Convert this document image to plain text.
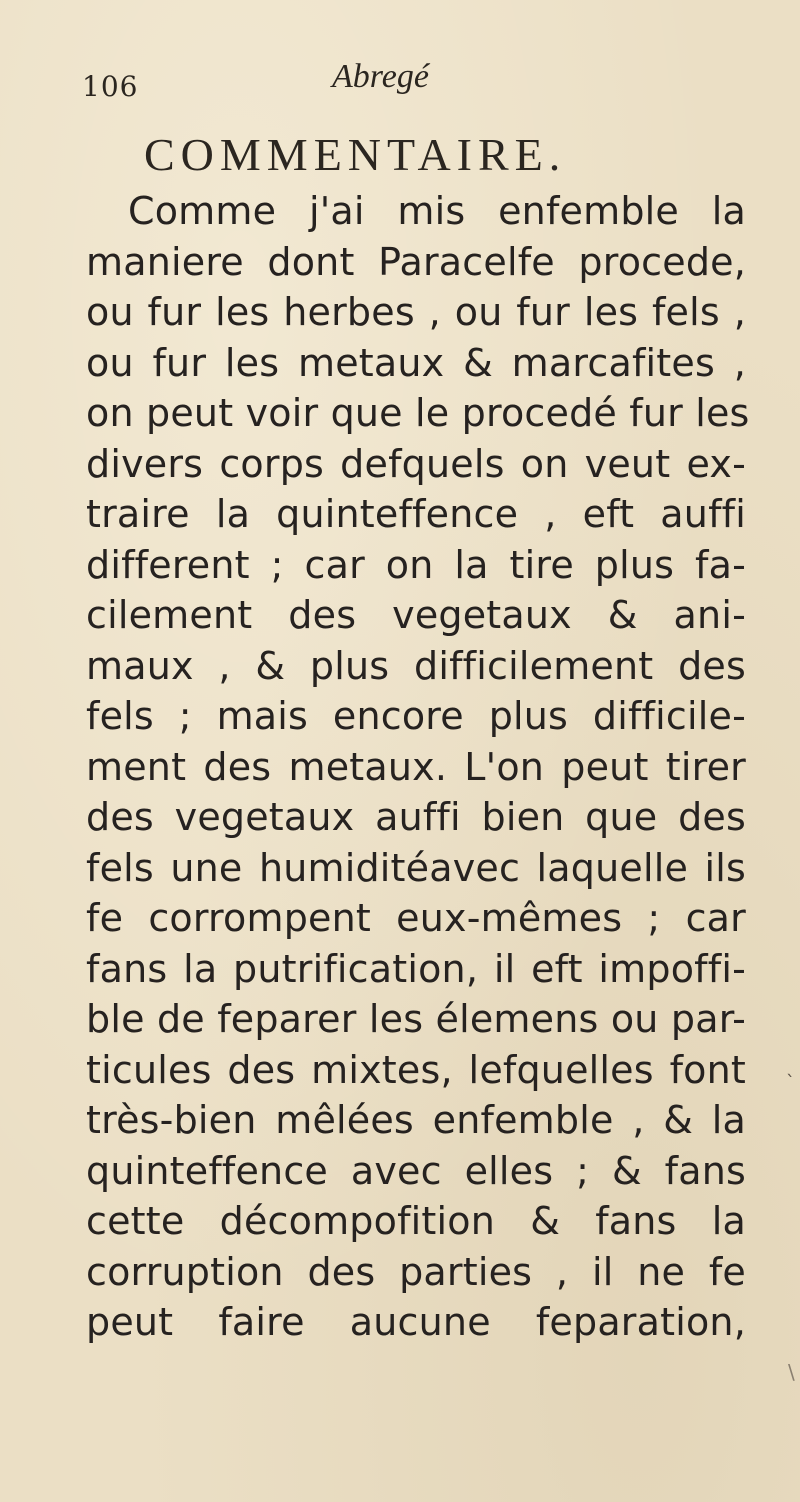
106	Abregé
COMMENTAIRE.
Comme j'ai mis enfemble la
maniere dont Paracelfe procede,
ou fur les herbes , ou fur les fels ,
ou fur les metaux & marcafites ,
on peut voir que le procedé fur les
divers corps defquels on veut ex-
traire la quinteffence , eft auffi
different ; car on la tire plus fa-
cilement des vegetaux & ani-
maux , & plus difficilement des
fels ; mais encore plus difficile-
ment des metaux. L'on peut tirer
des vegetaux auffi bien que des
fels une humiditéavec laquelle ils
fe corrompent eux-mêmes ; car
fans la putrification, il eft impoffi-
ble de feparer les élemens ou par-
ticules des mixtes, lefquelles font
très-bien mêlées enfemble , & la
quinteffence avec elles ; & fans
cette décompofition & fans la
corruption des parties , il ne fe
peut faire aucune feparation,
`
\
